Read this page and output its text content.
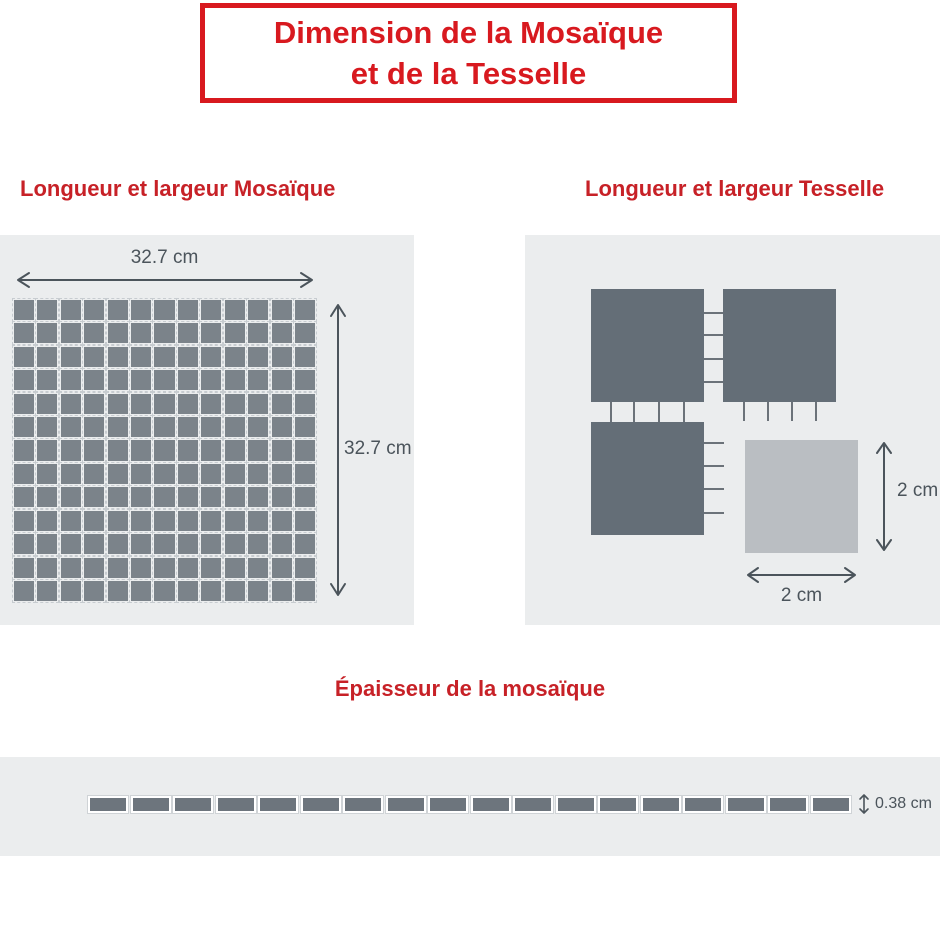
Dimension de la Mosaïque
et de la Tesselle
Longueur et largeur Mosaïque	Longueur et largeur Tesselle
32.7 cm
32.7 cm
2 cm
2 cm
Épaisseur de la mosaïque
0.38 cm
